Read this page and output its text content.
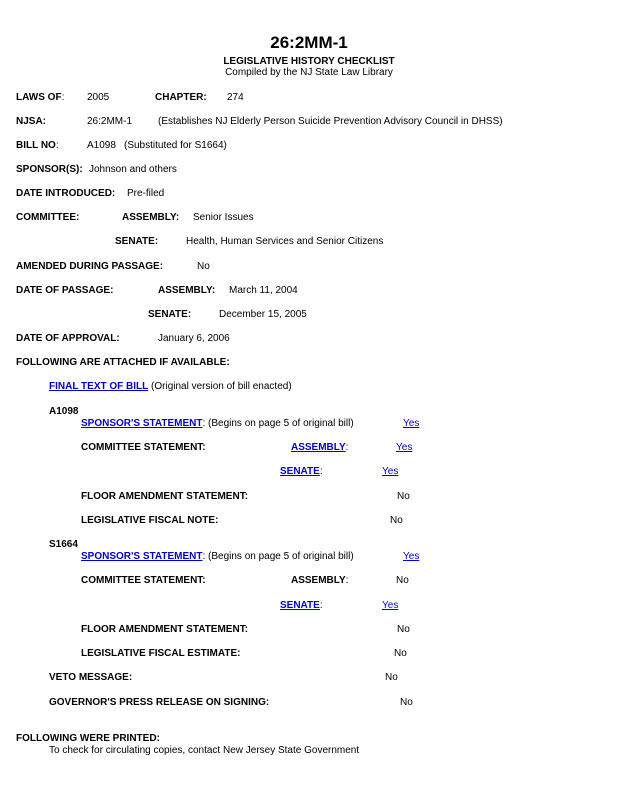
26:2MM-1
LEGISLATIVE HISTORY CHECKLIST
Compiled by the NJ State Law Library
LAWS OF: 2005	CHAPTER: 274
NJSA:	26:2MM-1	(Establishes NJ Elderly Person Suicide Prevention Advisory Council in DHSS)
BILL NO:	A1098 (Substituted for S1664)
SPONSOR(S): Johnson and others
DATE INTRODUCED: Pre-filed
COMMITTEE:	ASSEMBLY: Senior Issues
SENATE:	Health, Human Services and Senior Citizens
AMENDED DURING PASSAGE:	No
DATE OF PASSAGE:	ASSEMBLY: March 11, 2004
SENATE:	December 15, 2005
DATE OF APPROVAL:	January 6, 2006
FOLLOWING ARE ATTACHED IF AVAILABLE:
FINAL TEXT OF BILL (Original version of bill enacted)
A1098
SPONSOR'S STATEMENT: (Begins on page 5 of original bill)	Yes
COMMITTEE STATEMENT:	ASSEMBLY:	Yes
SENATE:	Yes
FLOOR AMENDMENT STATEMENT:	No
LEGISLATIVE FISCAL NOTE:	No
S1664
SPONSOR'S STATEMENT: (Begins on page 5 of original bill)	Yes
COMMITTEE STATEMENT:	ASSEMBLY:	No
SENATE:	Yes
FLOOR AMENDMENT STATEMENT:	No
LEGISLATIVE FISCAL ESTIMATE:	No
VETO MESSAGE:	No
GOVERNOR'S PRESS RELEASE ON SIGNING:	No
FOLLOWING WERE PRINTED:
To check for circulating copies, contact New Jersey State Government
